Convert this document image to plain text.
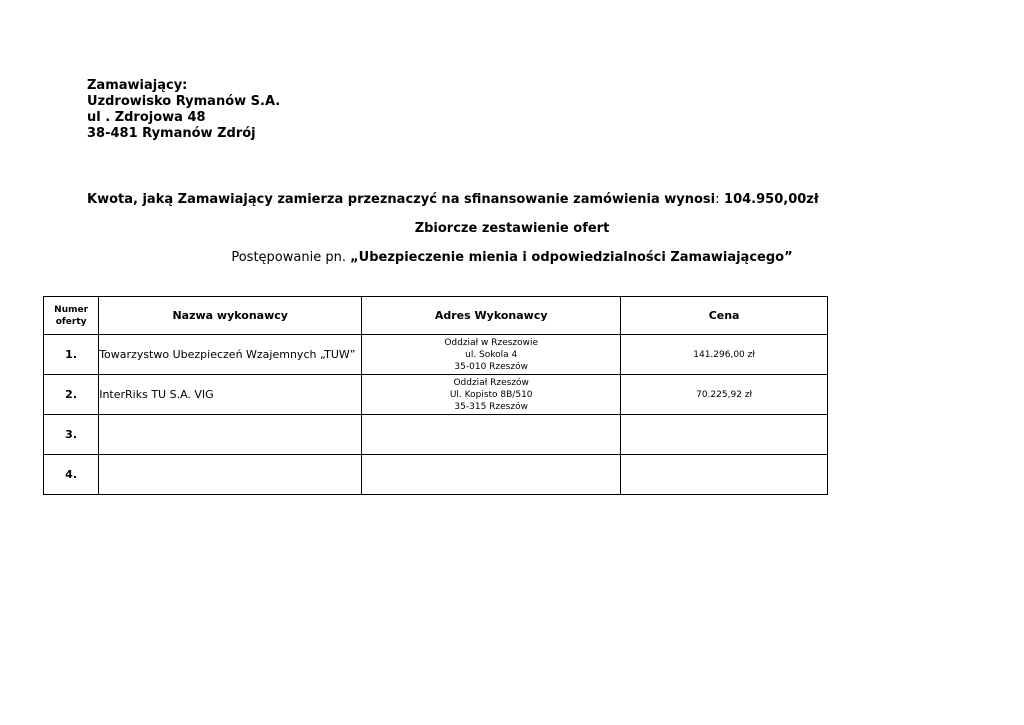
Zamawiający:
Uzdrowisko Rymanów S.A.
ul . Zdrojowa 48
38-481 Rymanów Zdrój
Kwota, jaką Zamawiający zamierza przeznaczyć na sfinansowanie zamówienia wynosi: 104.950,00zł
Zbiorcze zestawienie ofert
Postępowanie pn. „Ubezpieczenie mienia i odpowiedzialności Zamawiającego”
Numer
oferty	Nazwa wykonawcy	Adres Wykonawcy	Cena
1.	Towarzystwo Ubezpieczeń Wzajemnych „TUW”	Oddział w Rzeszowie
ul. Sokola 4
35-010 Rzeszów	141.296,00 zł
2.	InterRiks TU S.A. VIG	Oddział Rzeszów
Ul. Kopisto 8B/510
35-315 Rzeszów	70.225,92 zł
3.			
4.			
